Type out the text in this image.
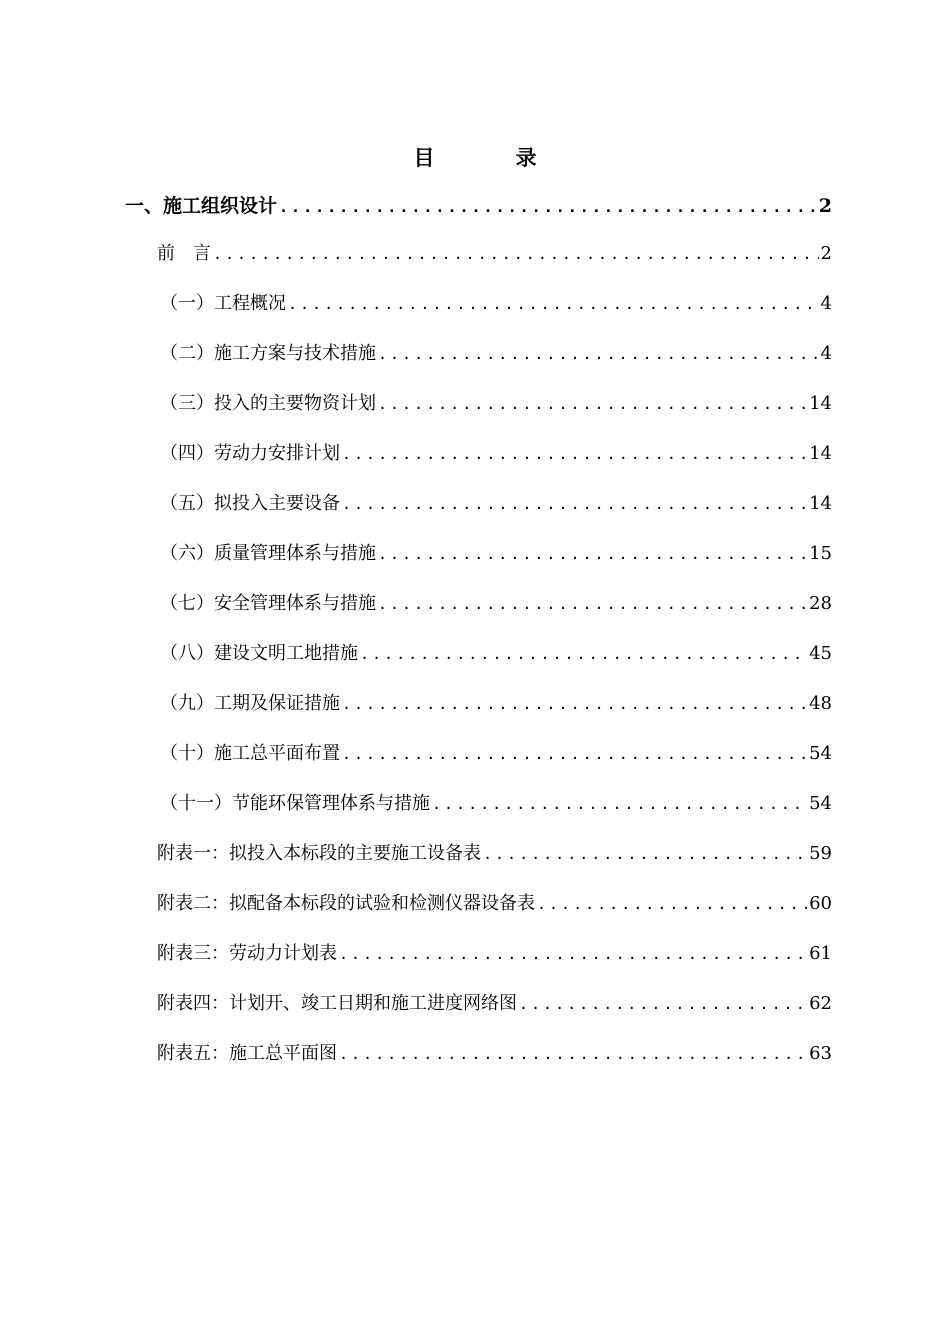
目　录
一、施工组织设计 .....	2
前　言 .....	2
（一）工程概况 .....	4
（二）施工方案与技术措施 .....	4
（三）投入的主要物资计划 .....	14
（四）劳动力安排计划 .....	14
（五）拟投入主要设备 .....	14
（六）质量管理体系与措施 .....	15
（七）安全管理体系与措施 .....	28
（八）建设文明工地措施 .....	45
（九）工期及保证措施 .....	48
（十）施工总平面布置 .....	54
（十一）节能环保管理体系与措施 .....	54
附表一：拟投入本标段的主要施工设备表 .....	59
附表二：拟配备本标段的试验和检测仪器设备表 .....	60
附表三：劳动力计划表 .....	61
附表四：计划开、竣工日期和施工进度网络图 .....	62
附表五：施工总平面图 .....	63
